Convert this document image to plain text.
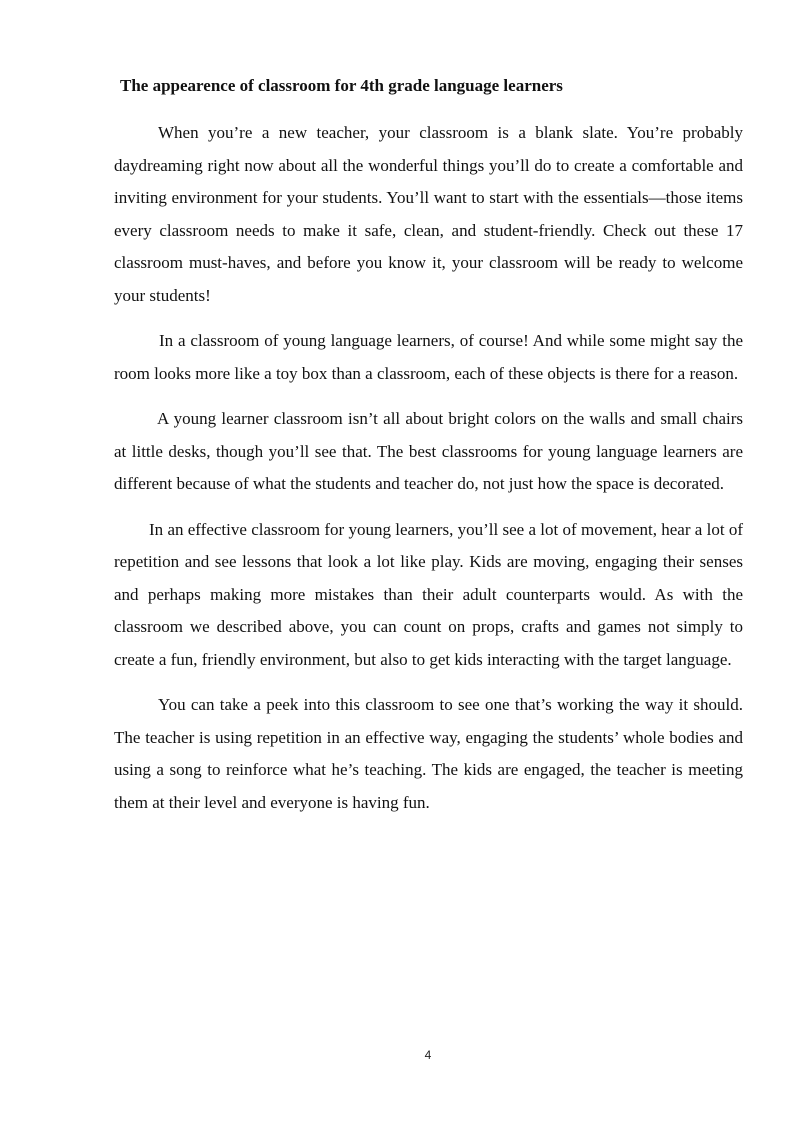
The appearence of classroom for 4th grade language learners

When you’re a new teacher, your classroom is a blank slate. You’re probably daydreaming right now about all the wonderful things you’ll do to create a comfortable and inviting environment for your students. You’ll want to start with the essentials—those items every classroom needs to make it safe, clean, and student-friendly. Check out these 17 classroom must-haves, and before you know it, your classroom will be ready to welcome your students!

In a classroom of young language learners, of course! And while some might say the room looks more like a toy box than a classroom, each of these objects is there for a reason.

A young learner classroom isn’t all about bright colors on the walls and small chairs at little desks, though you’ll see that. The best classrooms for young language learners are different because of what the students and teacher do, not just how the space is decorated.

In an effective classroom for young learners, you’ll see a lot of movement, hear a lot of repetition and see lessons that look a lot like play. Kids are moving, engaging their senses and perhaps making more mistakes than their adult counterparts would. As with the classroom we described above, you can count on props, crafts and games not simply to create a fun, friendly environment, but also to get kids interacting with the target language.

You can take a peek into this classroom to see one that’s working the way it should. The teacher is using repetition in an effective way, engaging the students’ whole bodies and using a song to reinforce what he’s teaching. The kids are engaged, the teacher is meeting them at their level and everyone is having fun.

4
